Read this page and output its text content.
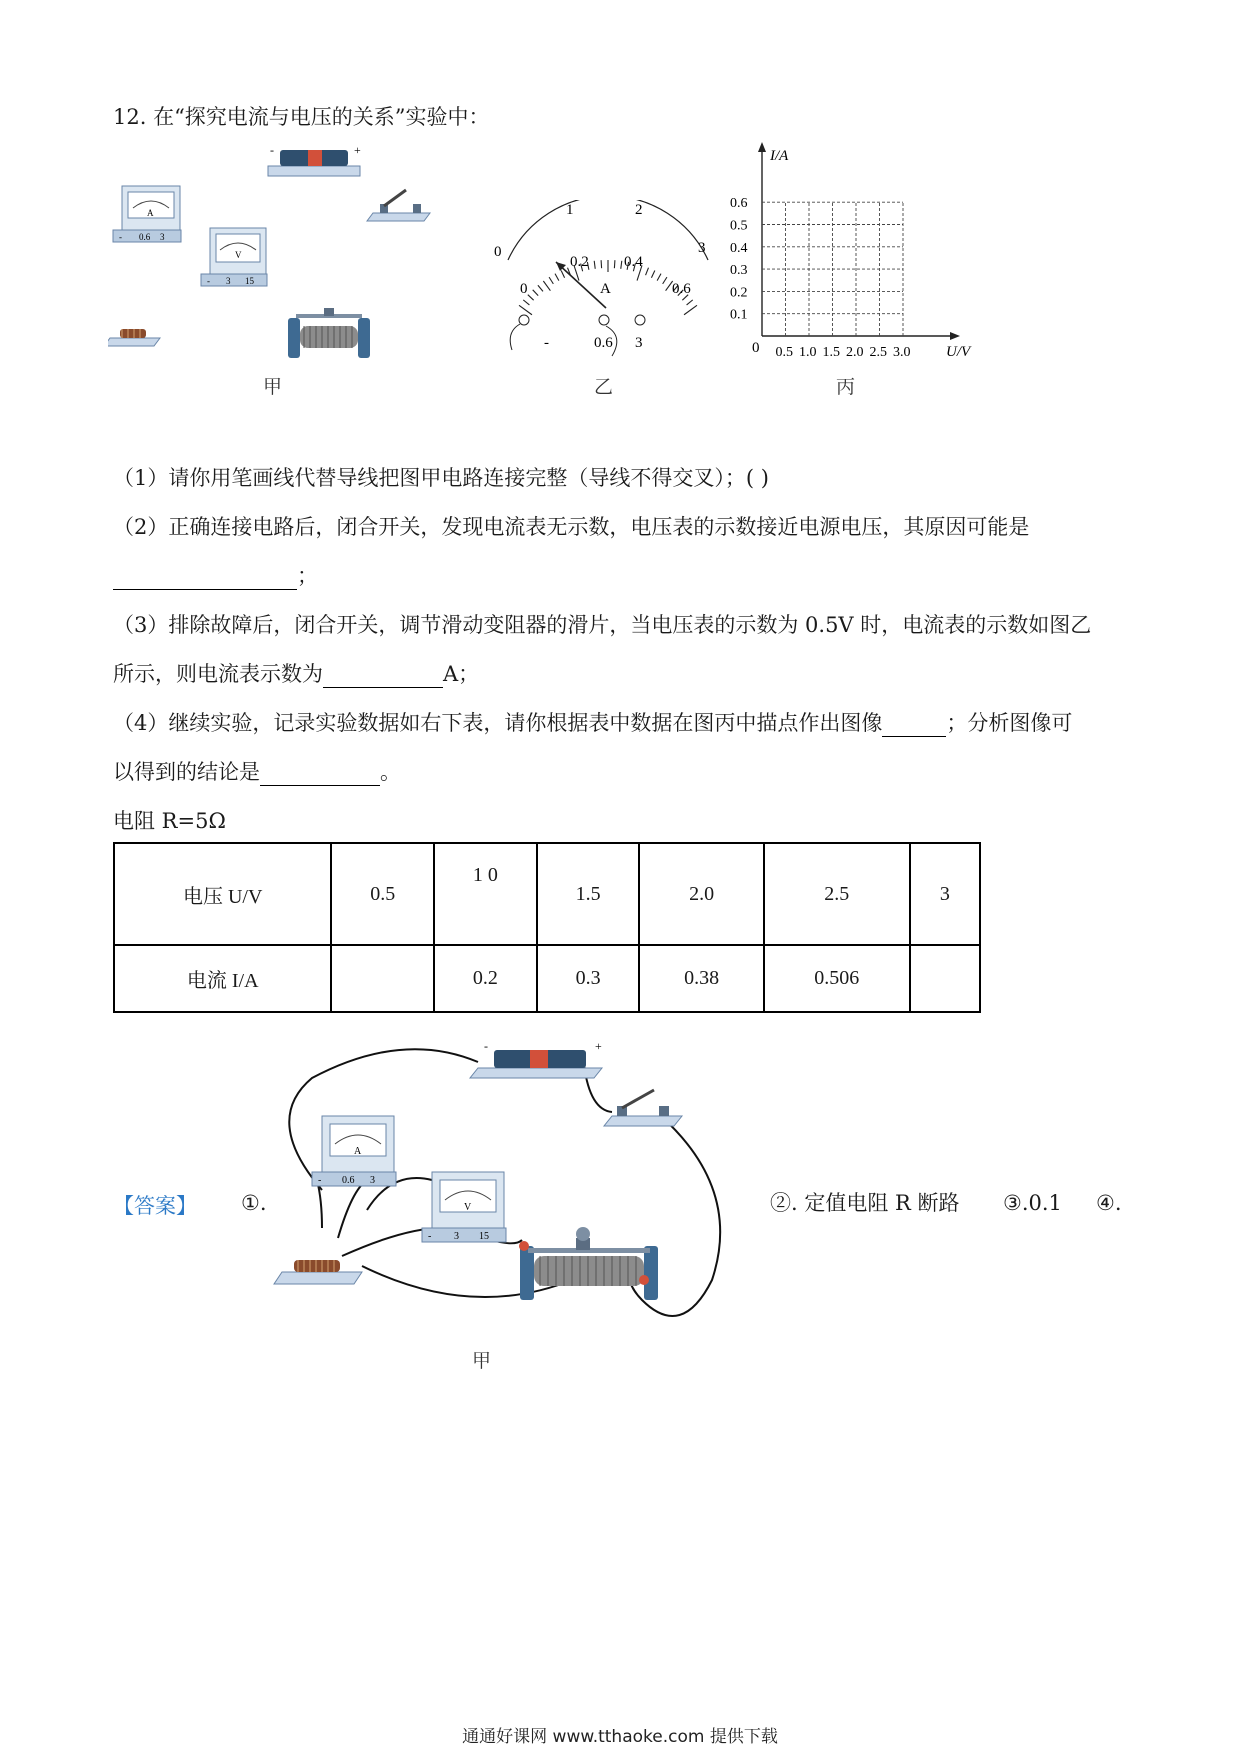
12. 在“探究电流与电压的关系”实验中：
-	+
A
- 0.6 3
V
- 3 15
甲
0
1	2
3
0
0.2 0.4
0.6
A
-	0.6 3
乙
I/A
U/V
0
0.1
0.2
0.3
0.4
0.5
0.6
0.5 1.0 1.5 2.0 2.5 3.0
丙
（1）请你用笔画线代替导线把图甲电路连接完整（导线不得交叉）；( )
（2）正确连接电路后，闭合开关，发现电流表无示数，电压表的示数接近电源电压，其原因可能是
；
（3）排除故障后，闭合开关，调节滑动变阻器的滑片，当电压表的示数为 0.5V 时，电流表的示数如图乙
所示，则电流表示数为	A；
（4）继续实验，记录实验数据如右下表，请你根据表中数据在图丙中描点作出图像	；分析图像可
以得到的结论是	。
电阻 R=5Ω
电压 U/V	0.5	1 0	1.5	2.0	2.5	3
电流 I/A		0.2	0.3	0.38	0.506	
【答案】 ①.
-	+
A
- 0.6 3
V
- 3 15
甲
②. 定值电阻 R 断路 ③.0.1 ④.
通通好课网 www.tthaoke.com 提供下载
